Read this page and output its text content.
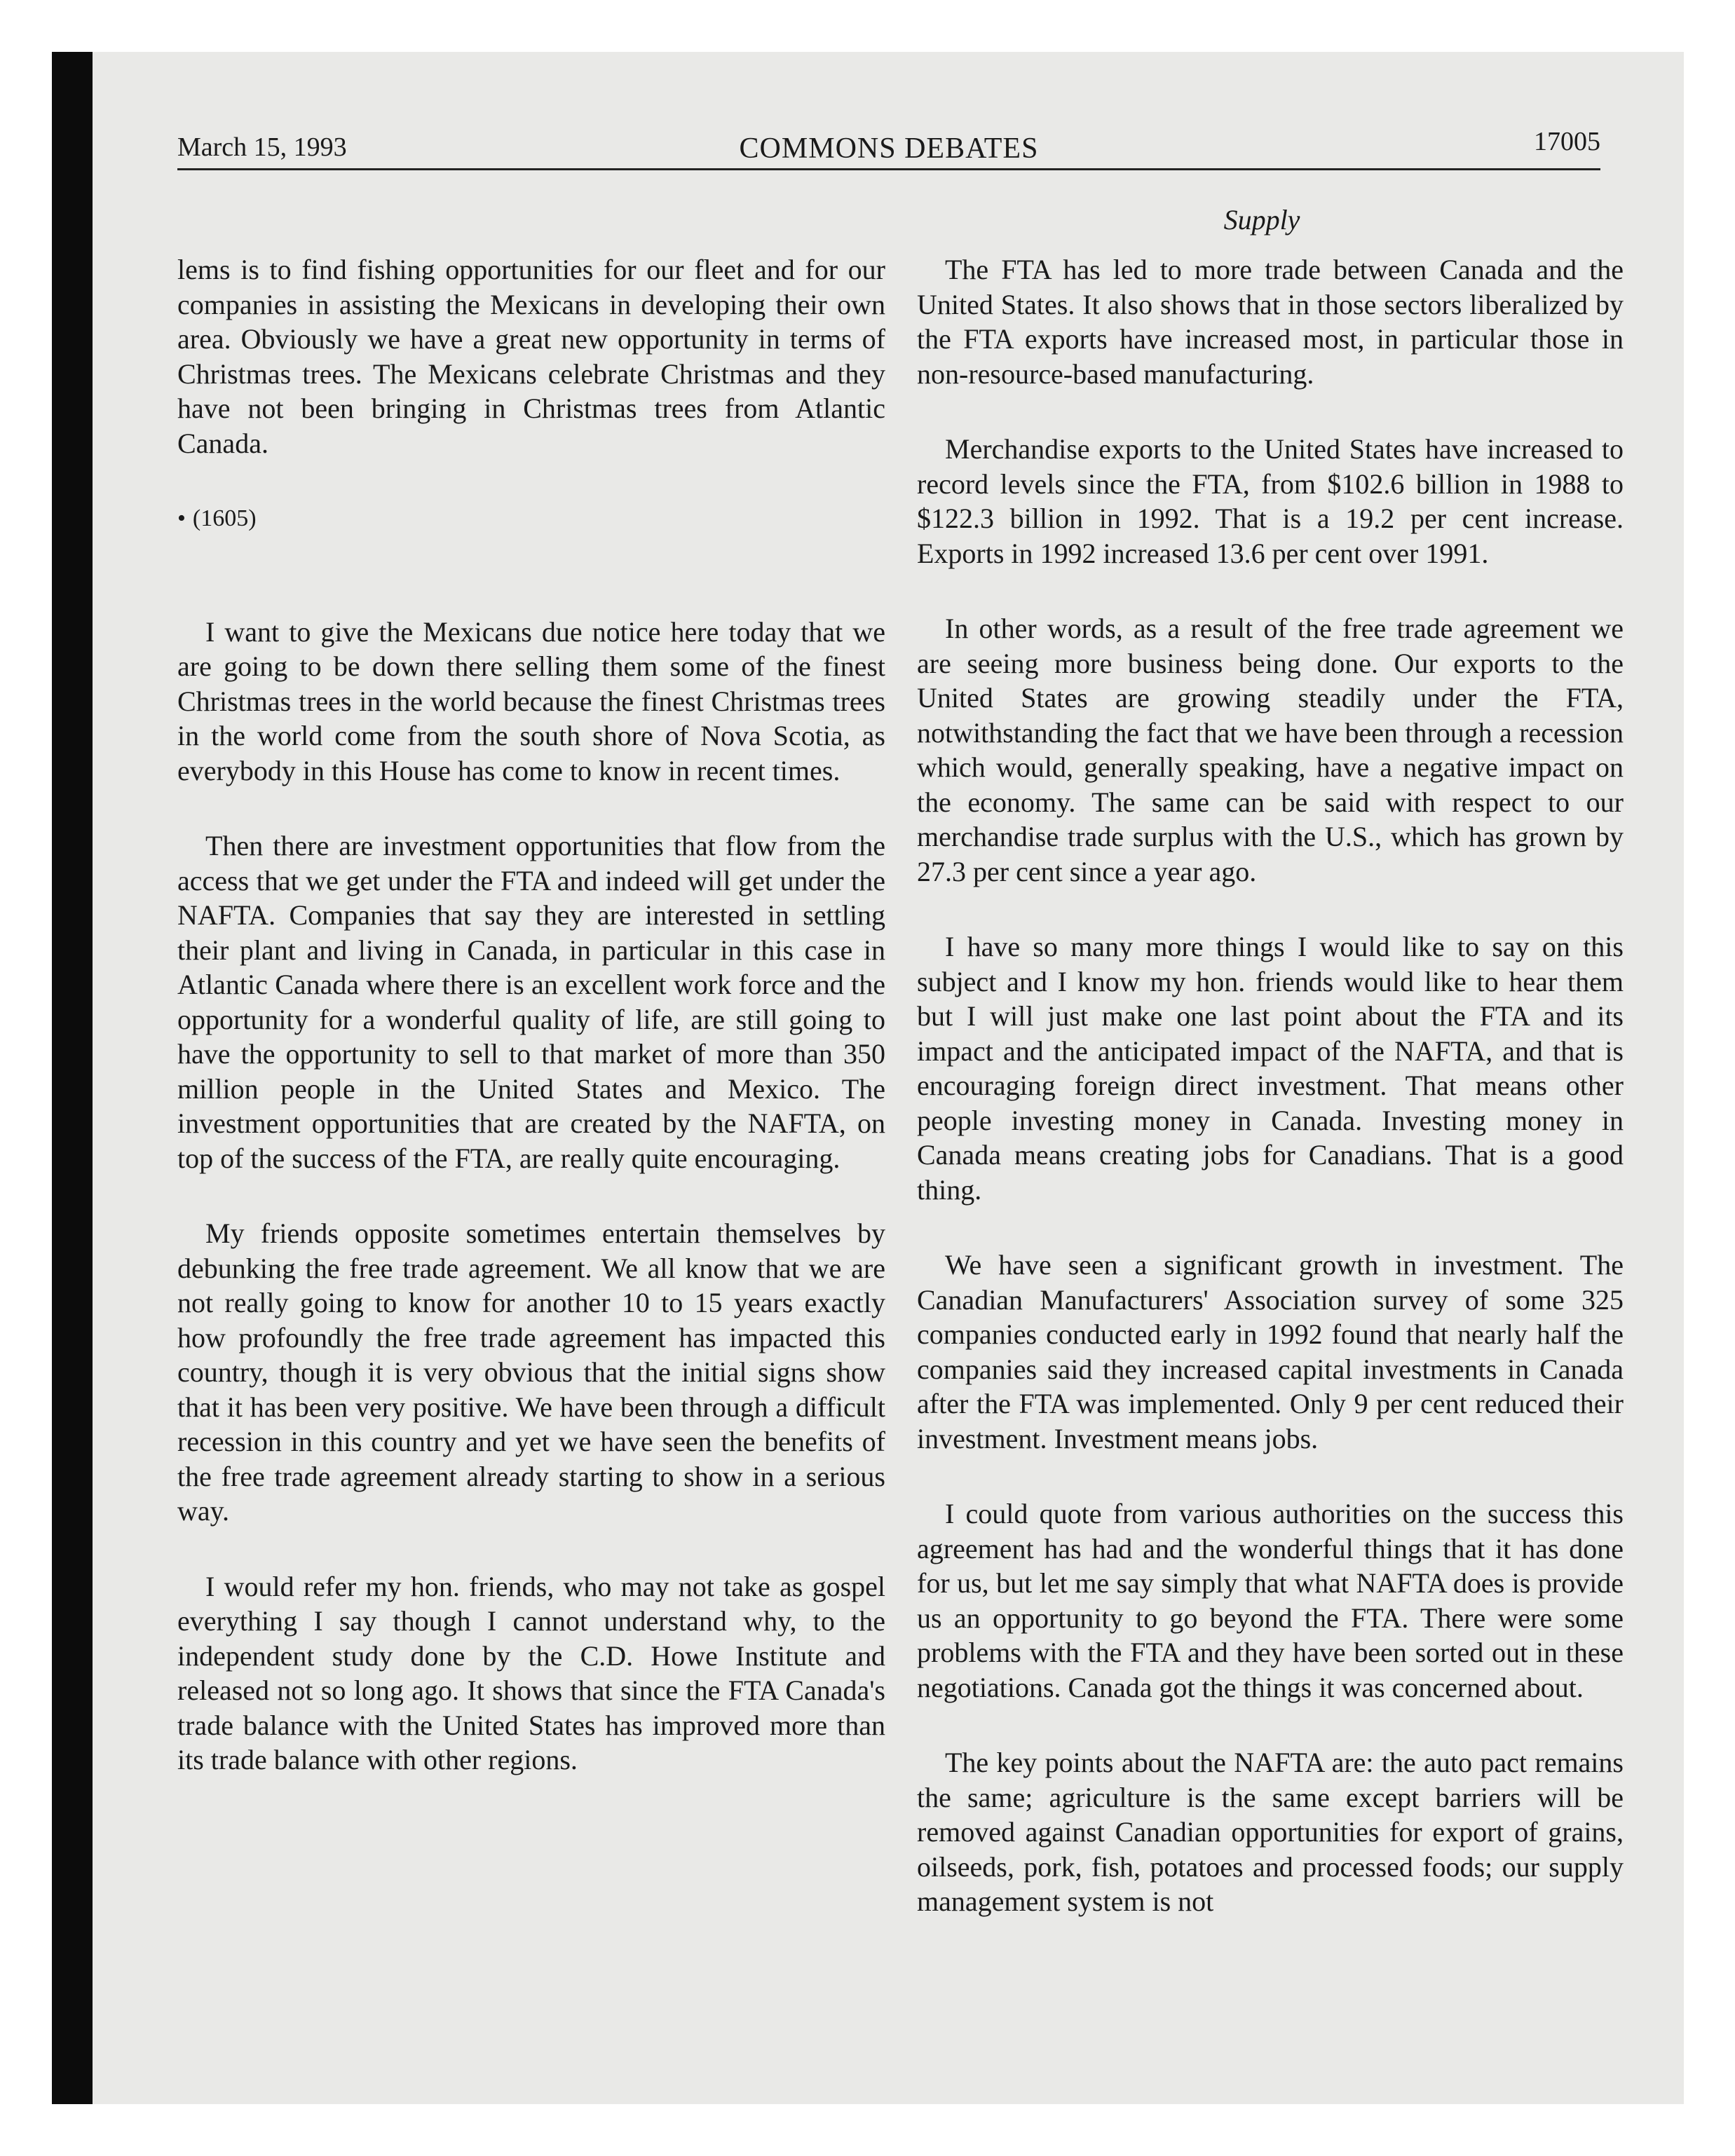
March 15, 1993	COMMONS DEBATES	17005
Supply

lems is to find fishing opportunities for our fleet and for our companies in assisting the Mexicans in developing their own area. Obviously we have a great new opportunity in terms of Christmas trees. The Mexicans celebrate Christmas and they have not been bringing in Christmas trees from Atlantic Canada.

• (1605)

I want to give the Mexicans due notice here today that we are going to be down there selling them some of the finest Christmas trees in the world because the finest Christmas trees in the world come from the south shore of Nova Scotia, as everybody in this House has come to know in recent times.

Then there are investment opportunities that flow from the access that we get under the FTA and indeed will get under the NAFTA. Companies that say they are interested in settling their plant and living in Canada, in particular in this case in Atlantic Canada where there is an excellent work force and the opportunity for a wonderful quality of life, are still going to have the opportunity to sell to that market of more than 350 million people in the United States and Mexico. The investment opportunities that are created by the NAFTA, on top of the success of the FTA, are really quite encouraging.

My friends opposite sometimes entertain themselves by debunking the free trade agreement. We all know that we are not really going to know for another 10 to 15 years exactly how profoundly the free trade agreement has impacted this country, though it is very obvious that the initial signs show that it has been very positive. We have been through a difficult recession in this country and yet we have seen the benefits of the free trade agreement already starting to show in a serious way.

I would refer my hon. friends, who may not take as gospel everything I say though I cannot understand why, to the independent study done by the C.D. Howe Institute and released not so long ago. It shows that since the FTA Canada's trade balance with the United States has improved more than its trade balance with other regions.

The FTA has led to more trade between Canada and the United States. It also shows that in those sectors liberalized by the FTA exports have increased most, in particular those in non-resource-based manufacturing.

Merchandise exports to the United States have increased to record levels since the FTA, from $102.6 billion in 1988 to $122.3 billion in 1992. That is a 19.2 per cent increase. Exports in 1992 increased 13.6 per cent over 1991.

In other words, as a result of the free trade agreement we are seeing more business being done. Our exports to the United States are growing steadily under the FTA, notwithstanding the fact that we have been through a recession which would, generally speaking, have a negative impact on the economy. The same can be said with respect to our merchandise trade surplus with the U.S., which has grown by 27.3 per cent since a year ago.

I have so many more things I would like to say on this subject and I know my hon. friends would like to hear them but I will just make one last point about the FTA and its impact and the anticipated impact of the NAFTA, and that is encouraging foreign direct investment. That means other people investing money in Canada. Investing money in Canada means creating jobs for Canadians. That is a good thing.

We have seen a significant growth in investment. The Canadian Manufacturers' Association survey of some 325 companies conducted early in 1992 found that nearly half the companies said they increased capital investments in Canada after the FTA was implemented. Only 9 per cent reduced their investment. Investment means jobs.

I could quote from various authorities on the success this agreement has had and the wonderful things that it has done for us, but let me say simply that what NAFTA does is provide us an opportunity to go beyond the FTA. There were some problems with the FTA and they have been sorted out in these negotiations. Canada got the things it was concerned about.

The key points about the NAFTA are: the auto pact remains the same; agriculture is the same except barriers will be removed against Canadian opportunities for export of grains, oilseeds, pork, fish, potatoes and processed foods; our supply management system is not
